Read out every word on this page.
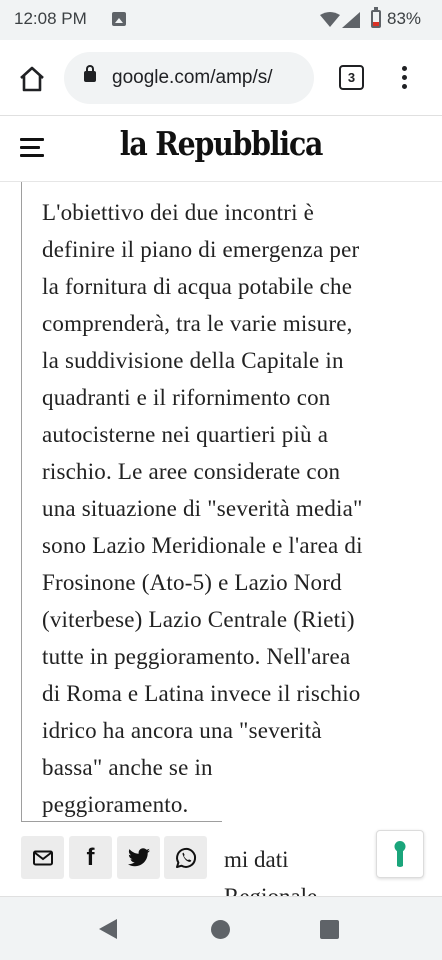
12:08 PM	83%
google.com/amp/s/	3
la Repubblica
L'obiettivo dei due incontri è
definire il piano di emergenza per
la fornitura di acqua potabile che
comprenderà, tra le varie misure,
la suddivisione della Capitale in
quadranti e il rifornimento con
autocisterne nei quartieri più a
rischio. Le aree considerate con
una situazione di "severità media"
sono Lazio Meridionale e l'area di
Frosinone (Ato-5) e Lazio Nord
(viterbese) Lazio Centrale (Rieti)
tutte in peggioramento. Nell'area
di Roma e Latina invece il rischio
idrico ha ancora una "severità
bassa" anche se in
peggioramento.
mi dati
f
